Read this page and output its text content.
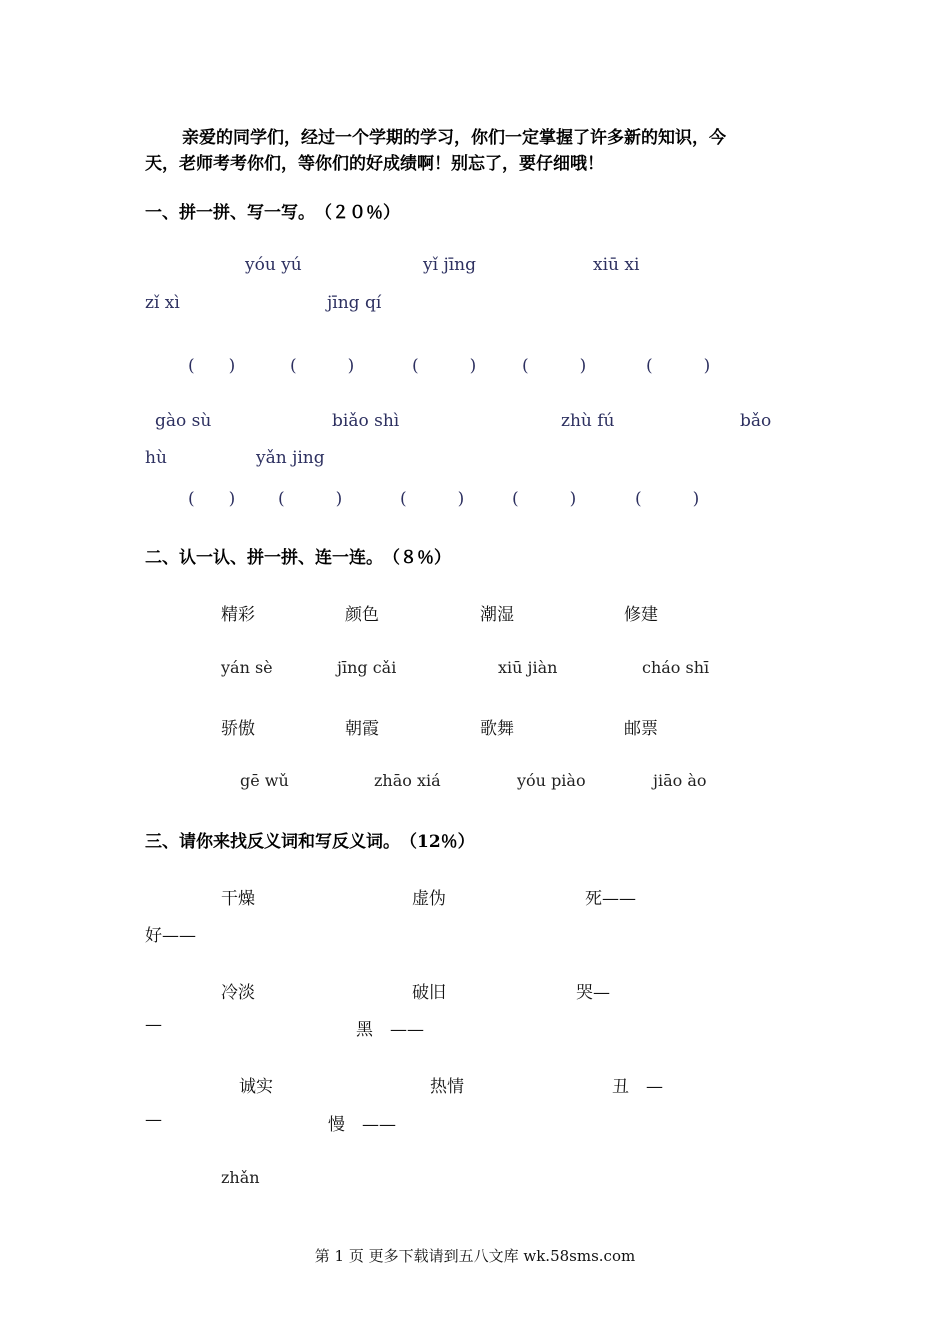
亲爱的同学们，经过一个学期的学习，你们一定掌握了许多新的知识，今
天，老师考考你们，等你们的好成绩啊！别忘了，要仔细哦！
一、拼一拼、写一写。　（２０％）
yóu yú	yǐ jīng	xiū xi
zǐ xì	jīng qí
(　　)	(　　　)	(　　　)	(　　　)	(　　　)
gào sù	biǎo shì	zhù fú	bǎo
hù	yǎn jing
(　　)	(　　　)	(　　　)	(　　　)	(　　　)
二、认一认、拼一拼、连一连。　（８％）
精彩	颜色	潮湿	修建
yán sè	jīng cǎi	xiū jiàn	cháo shī
骄傲	朝霞	歌舞	邮票
gē wǔ	zhāo xiá	yóu piào	jiāo ào
三、请你来找反义词和写反义词。　（12％）
干燥	虚伪	死——
好——
冷淡	破旧	哭—
—	黑　——
诚实	热情	丑　—
—	慢　——
zhǎn
第 1 页 更多下载请到五八文库 wk.58sms.com
